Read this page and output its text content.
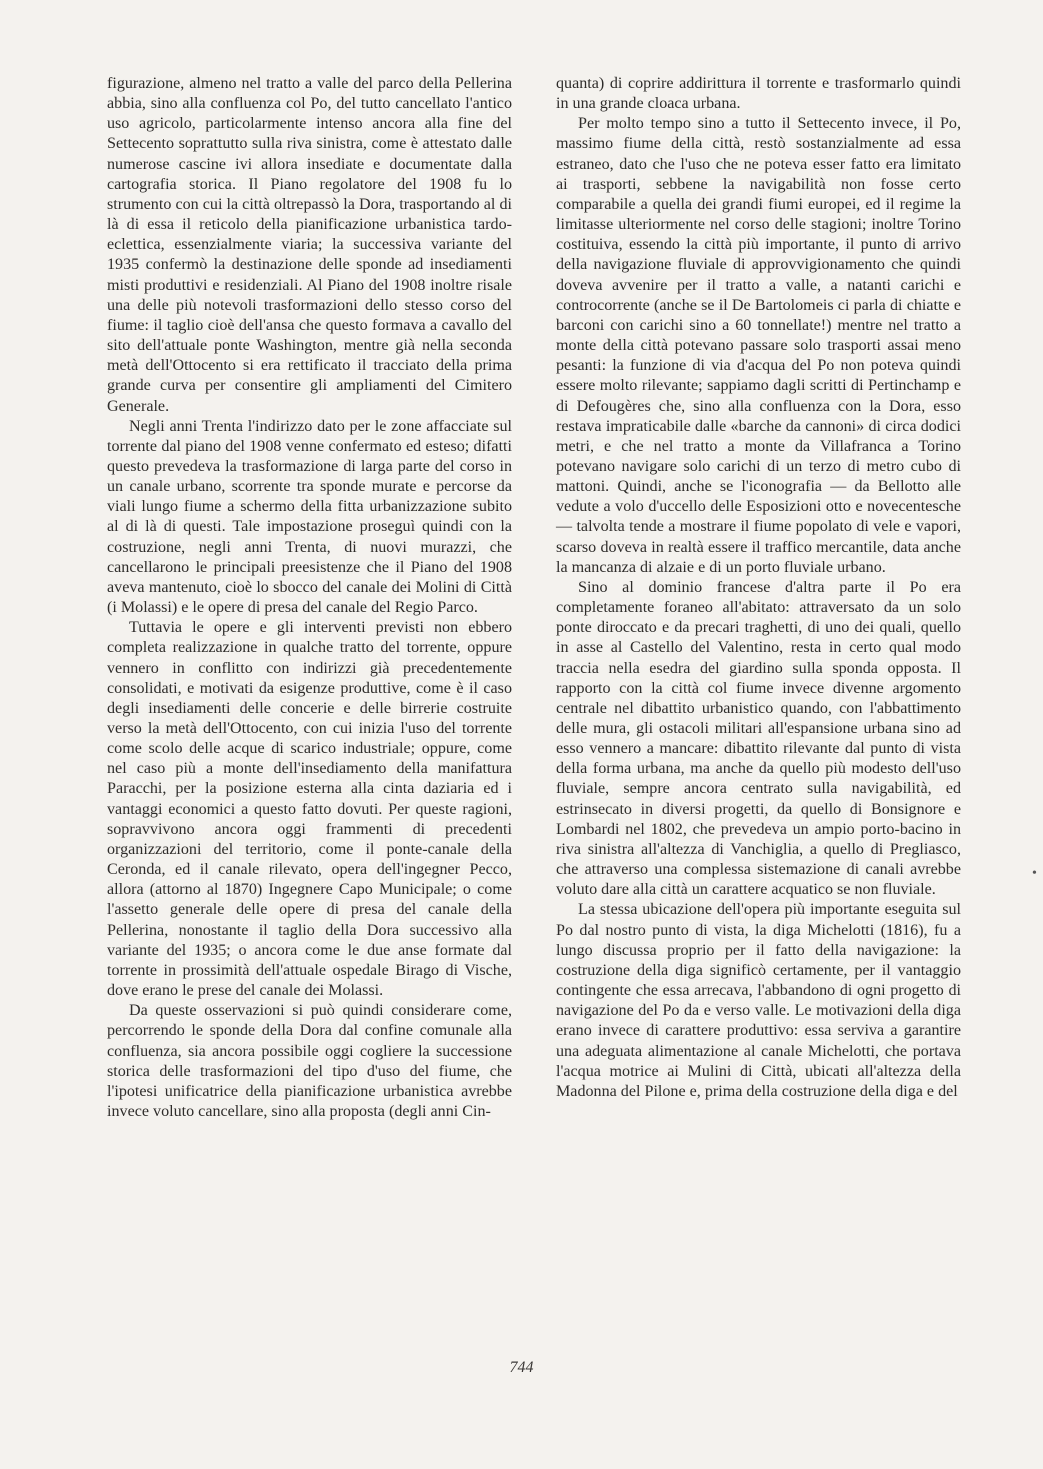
figurazione, almeno nel tratto a valle del parco della Pellerina abbia, sino alla confluenza col Po, del tutto cancellato l'antico uso agricolo, particolarmente intenso ancora alla fine del Settecento soprattutto sulla riva sinistra, come è attestato dalle numerose cascine ivi allora insediate e documentate dalla cartografia storica. Il Piano regolatore del 1908 fu lo strumento con cui la città oltrepassò la Dora, trasportando al di là di essa il reticolo della pianificazione urbanistica tardo-eclettica, essenzialmente viaria; la successiva variante del 1935 confermò la destinazione delle sponde ad insediamenti misti produttivi e residenziali. Al Piano del 1908 inoltre risale una delle più notevoli trasformazioni dello stesso corso del fiume: il taglio cioè dell'ansa che questo formava a cavallo del sito dell'attuale ponte Washington, mentre già nella seconda metà dell'Ottocento si era rettificato il tracciato della prima grande curva per consentire gli ampliamenti del Cimitero Generale.

Negli anni Trenta l'indirizzo dato per le zone affacciate sul torrente dal piano del 1908 venne confermato ed esteso; difatti questo prevedeva la trasformazione di larga parte del corso in un canale urbano, scorrente tra sponde murate e percorse da viali lungo fiume a schermo della fitta urbanizzazione subito al di là di questi. Tale impostazione proseguì quindi con la costruzione, negli anni Trenta, di nuovi murazzi, che cancellarono le principali preesistenze che il Piano del 1908 aveva mantenuto, cioè lo sbocco del canale dei Molini di Città (i Molassi) e le opere di presa del canale del Regio Parco.

Tuttavia le opere e gli interventi previsti non ebbero completa realizzazione in qualche tratto del torrente, oppure vennero in conflitto con indirizzi già precedentemente consolidati, e motivati da esigenze produttive, come è il caso degli insediamenti delle concerie e delle birrerie costruite verso la metà dell'Ottocento, con cui inizia l'uso del torrente come scolo delle acque di scarico industriale; oppure, come nel caso più a monte dell'insediamento della manifattura Paracchi, per la posizione esterna alla cinta daziaria ed i vantaggi economici a questo fatto dovuti. Per queste ragioni, sopravvivono ancora oggi frammenti di precedenti organizzazioni del territorio, come il ponte-canale della Ceronda, ed il canale rilevato, opera dell'ingegner Pecco, allora (attorno al 1870) Ingegnere Capo Municipale; o come l'assetto generale delle opere di presa del canale della Pellerina, nonostante il taglio della Dora successivo alla variante del 1935; o ancora come le due anse formate dal torrente in prossimità dell'attuale ospedale Birago di Vische, dove erano le prese del canale dei Molassi.

Da queste osservazioni si può quindi considerare come, percorrendo le sponde della Dora dal confine comunale alla confluenza, sia ancora possibile oggi cogliere la successione storica delle trasformazioni del tipo d'uso del fiume, che l'ipotesi unificatrice della pianificazione urbanistica avrebbe invece voluto cancellare, sino alla proposta (degli anni Cin-

quanta) di coprire addirittura il torrente e trasformarlo quindi in una grande cloaca urbana.

Per molto tempo sino a tutto il Settecento invece, il Po, massimo fiume della città, restò sostanzialmente ad essa estraneo, dato che l'uso che ne poteva esser fatto era limitato ai trasporti, sebbene la navigabilità non fosse certo comparabile a quella dei grandi fiumi europei, ed il regime la limitasse ulteriormente nel corso delle stagioni; inoltre Torino costituiva, essendo la città più importante, il punto di arrivo della navigazione fluviale di approvvigionamento che quindi doveva avvenire per il tratto a valle, a natanti carichi e controcorrente (anche se il De Bartolomeis ci parla di chiatte e barconi con carichi sino a 60 tonnellate!) mentre nel tratto a monte della città potevano passare solo trasporti assai meno pesanti: la funzione di via d'acqua del Po non poteva quindi essere molto rilevante; sappiamo dagli scritti di Pertinchamp e di Defougères che, sino alla confluenza con la Dora, esso restava impraticabile dalle «barche da cannoni» di circa dodici metri, e che nel tratto a monte da Villafranca a Torino potevano navigare solo carichi di un terzo di metro cubo di mattoni. Quindi, anche se l'iconografia — da Bellotto alle vedute a volo d'uccello delle Esposizioni otto e novecentesche — talvolta tende a mostrare il fiume popolato di vele e vapori, scarso doveva in realtà essere il traffico mercantile, data anche la mancanza di alzaie e di un porto fluviale urbano.

Sino al dominio francese d'altra parte il Po era completamente foraneo all'abitato: attraversato da un solo ponte diroccato e da precari traghetti, di uno dei quali, quello in asse al Castello del Valentino, resta in certo qual modo traccia nella esedra del giardino sulla sponda opposta. Il rapporto con la città col fiume invece divenne argomento centrale nel dibattito urbanistico quando, con l'abbattimento delle mura, gli ostacoli militari all'espansione urbana sino ad esso vennero a mancare: dibattito rilevante dal punto di vista della forma urbana, ma anche da quello più modesto dell'uso fluviale, sempre ancora centrato sulla navigabilità, ed estrinsecato in diversi progetti, da quello di Bonsignore e Lombardi nel 1802, che prevedeva un ampio porto-bacino in riva sinistra all'altezza di Vanchiglia, a quello di Pregliasco, che attraverso una complessa sistemazione di canali avrebbe voluto dare alla città un carattere acquatico se non fluviale.

La stessa ubicazione dell'opera più importante eseguita sul Po dal nostro punto di vista, la diga Michelotti (1816), fu a lungo discussa proprio per il fatto della navigazione: la costruzione della diga significò certamente, per il vantaggio contingente che essa arrecava, l'abbandono di ogni progetto di navigazione del Po da e verso valle. Le motivazioni della diga erano invece di carattere produttivo: essa serviva a garantire una adeguata alimentazione al canale Michelotti, che portava l'acqua motrice ai Mulini di Città, ubicati all'altezza della Madonna del Pilone e, prima della costruzione della diga e del

•
744
